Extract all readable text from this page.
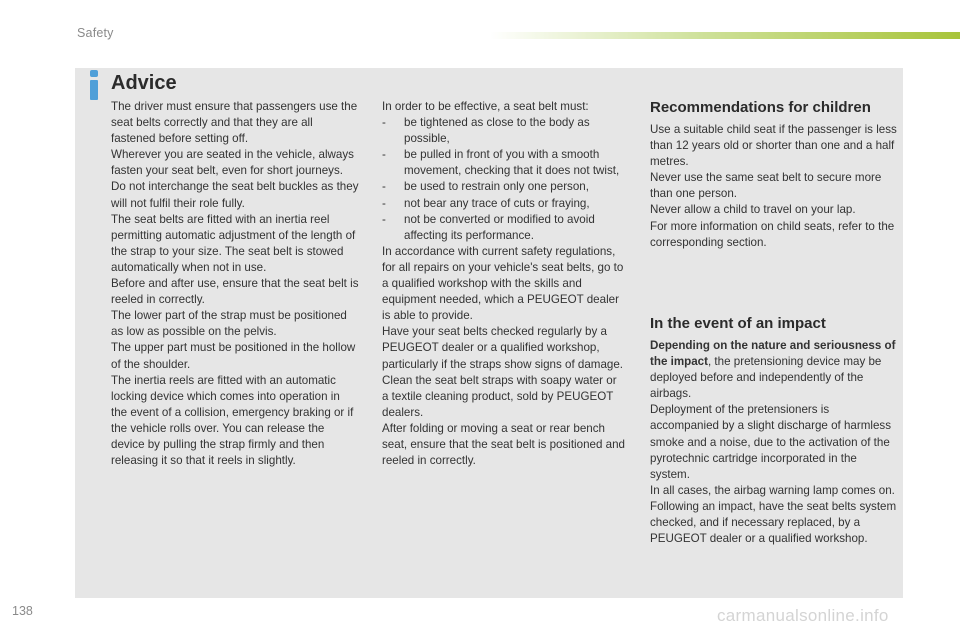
Safety
Advice

The driver must ensure that passengers use the seat belts correctly and that they are all fastened before setting off.

Wherever you are seated in the vehicle, always fasten your seat belt, even for short journeys.

Do not interchange the seat belt buckles as they will not fulfil their role fully.

The seat belts are fitted with an inertia reel permitting automatic adjustment of the length of the strap to your size. The seat belt is stowed automatically when not in use.

Before and after use, ensure that the seat belt is reeled in correctly.

The lower part of the strap must be positioned as low as possible on the pelvis.

The upper part must be positioned in the hollow of the shoulder.

The inertia reels are fitted with an automatic locking device which comes into operation in the event of a collision, emergency braking or if the vehicle rolls over. You can release the device by pulling the strap firmly and then releasing it so that it reels in slightly.

In order to be effective, a seat belt must:

- be tightened as close to the body as possible,
- be pulled in front of you with a smooth movement, checking that it does not twist,
- be used to restrain only one person,
- not bear any trace of cuts or fraying,
- not be converted or modified to avoid affecting its performance.

In accordance with current safety regulations, for all repairs on your vehicle's seat belts, go to a qualified workshop with the skills and equipment needed, which a PEUGEOT dealer is able to provide.

Have your seat belts checked regularly by a PEUGEOT dealer or a qualified workshop, particularly if the straps show signs of damage.

Clean the seat belt straps with soapy water or a textile cleaning product, sold by PEUGEOT dealers.

After folding or moving a seat or rear bench seat, ensure that the seat belt is positioned and reeled in correctly.

Recommendations for children

Use a suitable child seat if the passenger is less than 12 years old or shorter than one and a half metres.

Never use the same seat belt to secure more than one person.

Never allow a child to travel on your lap.

For more information on child seats, refer to the corresponding section.

In the event of an impact

Depending on the nature and seriousness of the impact, the pretensioning device may be deployed before and independently of the airbags.

Deployment of the pretensioners is accompanied by a slight discharge of harmless smoke and a noise, due to the activation of the pyrotechnic cartridge incorporated in the system.

In all cases, the airbag warning lamp comes on.

Following an impact, have the seat belts system checked, and if necessary replaced, by a PEUGEOT dealer or a qualified workshop.

138	carmanualsonline.info
